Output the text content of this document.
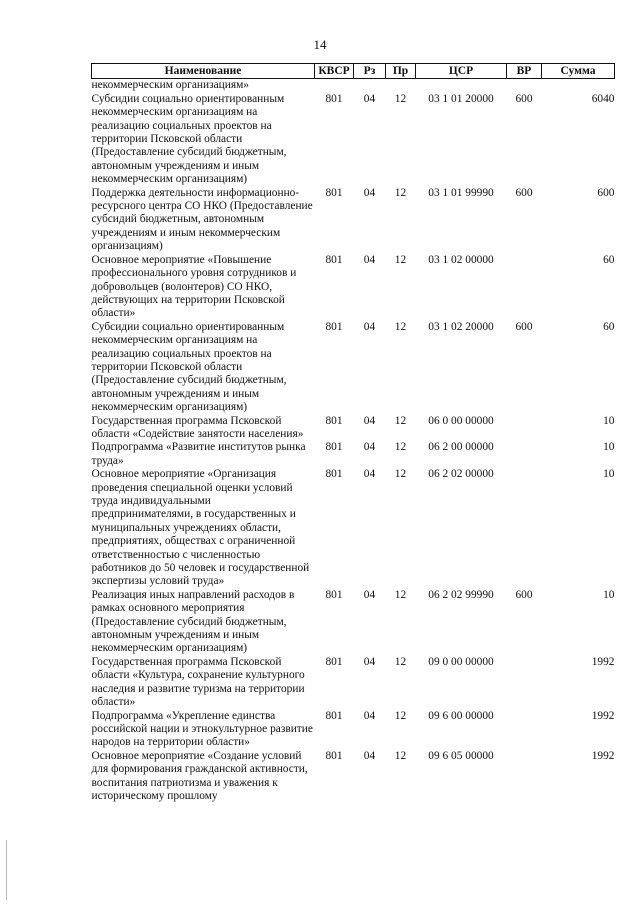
14
Наименование	КВСР	Рз	Пр	ЦСР	ВР	Сумма
некоммерческим организациям»						
Субсидии социально ориентированным некоммерческим организациям на реализацию социальных проектов на территории Псковской области (Предоставление субсидий бюджетным, автономным учреждениям и иным некоммерческим организациям)	801	04	12	03 1 01 20000	600	6040
Поддержка деятельности информационно-ресурсного центра СО НКО (Предоставление субсидий бюджетным, автономным учреждениям и иным некоммерческим организациям)	801	04	12	03 1 01 99990	600	600
Основное мероприятие «Повышение профессионального уровня сотрудников и добровольцев (волонтеров) СО НКО, действующих на территории Псковской области»	801	04	12	03 1 02 00000		60
Субсидии социально ориентированным некоммерческим организациям на реализацию социальных проектов на территории Псковской области (Предоставление субсидий бюджетным, автономным учреждениям и иным некоммерческим организациям)	801	04	12	03 1 02 20000	600	60
Государственная программа Псковской области «Содействие занятости населения»	801	04	12	06 0 00 00000		10
Подпрограмма «Развитие институтов рынка труда»	801	04	12	06 2 00 00000		10
Основное мероприятие «Организация проведения специальной оценки условий труда индивидуальными предпринимателями, в государственных и муниципальных учреждениях области, предприятиях, обществах с ограниченной ответственностью с численностью работников до 50 человек и государственной экспертизы условий труда»	801	04	12	06 2 02 00000		10
Реализация иных направлений расходов в рамках основного мероприятия (Предоставление субсидий бюджетным, автономным учреждениям и иным некоммерческим организациям)	801	04	12	06 2 02 99990	600	10
Государственная программа Псковской области «Культура, сохранение культурного наследия и развитие туризма на территории области»	801	04	12	09 0 00 00000		1992
Подпрограмма «Укрепление единства российской нации и этнокультурное развитие народов на территории области»	801	04	12	09 6 00 00000		1992
Основное мероприятие «Создание условий для формирования гражданской активности, воспитания патриотизма и уважения к историческому прошлому	801	04	12	09 6 05 00000		1992
